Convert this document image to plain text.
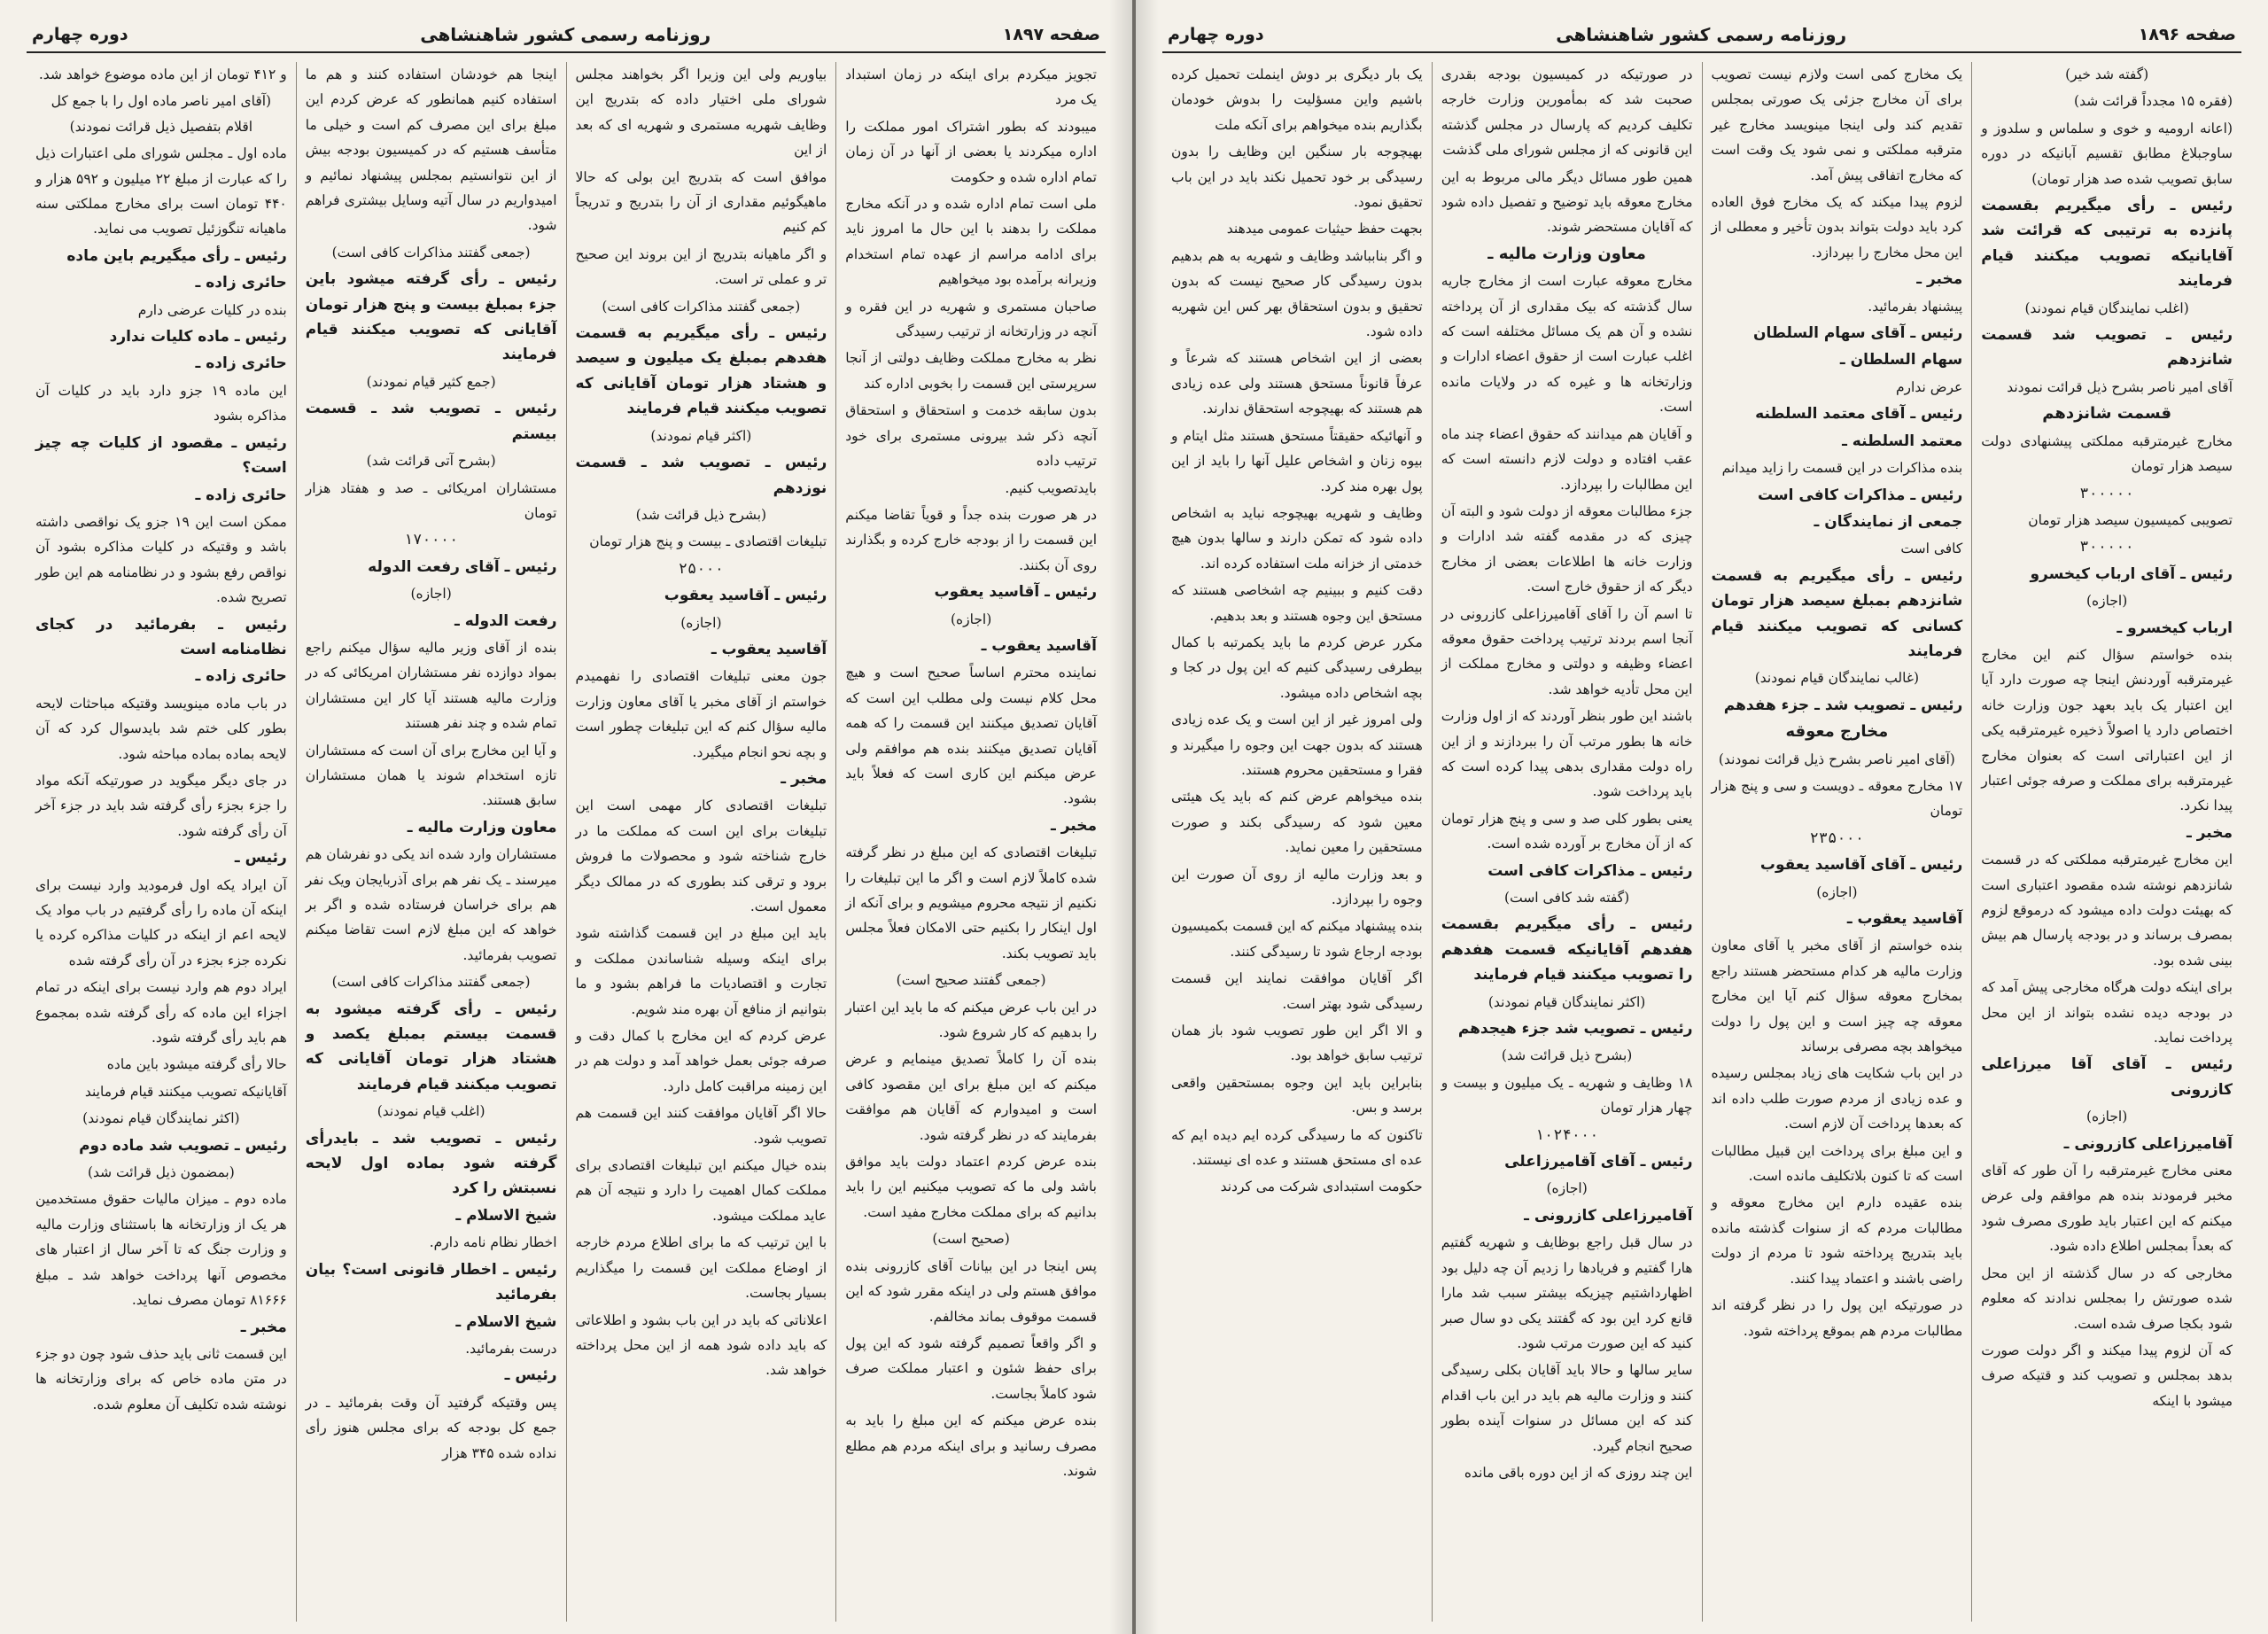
صفحه ۱۸۹۷
روزنامه رسمی کشور شاهنشاهی
دوره چهارم

تجویز میکردم برای اینکه در زمان استبداد یک مرد

میبودند که بطور اشتراک امور مملکت را اداره میکردند یا بعضی از آنها در آن زمان تمام اداره شده و حکومت

ملی است تمام اداره شده و در آنکه مخارج مملکت را بدهند با این حال ما امروز ناید برای ادامه مراسم از عهده تمام استخدام وزیرانه برآمده بود میخواهیم

صاحبان مستمری و شهریه در این فقره و آنچه در وزارتخانه از ترتیب رسیدگی

نظر به مخارج مملکت وظایف دولتی از آنجا سرپرستی این قسمت را بخوبی اداره کند

بدون سابقه خدمت و استحقاق و استحقاق آنچه ذکر شد بیرونی مستمری برای خود ترتیب داده

بایدتصویب کنیم.

در هر صورت بنده جداً و قویاً تقاضا میکنم این قسمت را از بودجه خارج کرده و بگذارند روی آن بکنند.

رئیس ـ آقاسید یعقوب

(اجازه)

آقاسید یعقوب ـ

نماینده محترم اساساً صحیح است و هیچ محل کلام نیست ولی مطلب این است که آقایان تصدیق میکنند این قسمت را که همه آقایان تصدیق میکنند بنده هم موافقم ولی عرض میکنم این کاری است که فعلاً باید بشود.

مخبر ـ

تبلیغات اقتصادی که این مبلغ در نظر گرفته شده کاملاً لازم است و اگر ما این تبلیغات را نکنیم از نتیجه محروم میشویم و برای آنکه از اول اینکار را بکنیم حتی الامکان فعلاً مجلس باید تصویب بکند.

(جمعی گفتند صحیح است)

در این باب عرض میکنم که ما باید این اعتبار را بدهیم که کار شروع شود.

بنده آن را کاملاً تصدیق مینمایم و عرض میکنم که این مبلغ برای این مقصود کافی است و امیدوارم که آقایان هم موافقت بفرمایند که در نظر گرفته شود.

بنده عرض کردم اعتماد دولت باید موافق باشد ولی ما که تصویب میکنیم این را باید بدانیم که برای مملکت مخارج مفید است.

(صحیح است)

پس اینجا در این بیانات آقای کازرونی بنده موافق هستم ولی در اینکه مقرر شود که این قسمت موقوف بماند مخالفم.

و اگر واقعاً تصمیم گرفته شود که این پول برای حفظ شئون و اعتبار مملکت صرف شود کاملاً بجاست.

بنده عرض میکنم که این مبلغ را باید به مصرف رسانید و برای اینکه مردم هم مطلع شوند.

بیاوریم ولی این وزیرا اگر بخواهند مجلس شورای ملی اختیار داده که بتدریج این وظایف شهریه مستمری و شهریه ای که بعد از این

موافق است که بتدریج این بولی که حالا ماهیگوئیم مقداری از آن را بتدریج و تدریجاً کم کنیم

و اگر ماهیانه بتدریج از این بروند این صحیح تر و عملی تر است.

(جمعی گفتند مذاکرات کافی است)

رئیس ـ رأی میگیریم به قسمت هفدهم بمبلغ یک میلیون و سیصد و هشتاد هزار تومان آقایانی که تصویب میکنند قیام فرمایند

(اکثر قیام نمودند)

رئیس ـ تصویب شد ـ قسمت نوزدهم

(بشرح ذیل قرائت شد)

تبلیغات اقتصادی ـ بیست و پنج هزار تومان

۲۵۰۰۰

رئیس ـ آقاسید یعقوب

(اجازه)

آقاسید یعقوب ـ

جون معنی تبلیغات اقتصادی را نفهمیدم خواستم از آقای مخبر یا آقای معاون وزارت مالیه سؤال کنم که این تبلیغات چطور است و بچه نحو انجام میگیرد.

مخبر ـ

تبلیغات اقتصادی کار مهمی است این تبلیغات برای این است که مملکت ما در خارج شناخته شود و محصولات ما فروش برود و ترقی کند بطوری که در ممالک دیگر معمول است.

باید این مبلغ در این قسمت گذاشته شود برای اینکه وسیله شناساندن مملکت و تجارت و اقتصادیات ما فراهم بشود و ما بتوانیم از منافع آن بهره مند شویم.

عرض کردم که این مخارج با کمال دقت و صرفه جوئی بعمل خواهد آمد و دولت هم در این زمینه مراقبت کامل دارد.

حالا اگر آقایان موافقت کنند این قسمت هم تصویب شود.

بنده خیال میکنم این تبلیغات اقتصادی برای مملکت کمال اهمیت را دارد و نتیجه آن هم عاید مملکت میشود.

با این ترتیب که ما برای اطلاع مردم خارجه از اوضاع مملکت این قسمت را میگذاریم بسیار بجاست.

اعلاناتی که باید در این باب بشود و اطلاعاتی که باید داده شود همه از این محل پرداخته خواهد شد.

اینجا هم خودشان استفاده کنند و هم ما استفاده کنیم همانطور که عرض کردم این مبلغ برای این مصرف کم است و خیلی ما متأسف هستیم که در کمیسیون بودجه بیش از این نتوانستیم بمجلس پیشنهاد نمائیم و امیدواریم در سال آتیه وسایل بیشتری فراهم شود.

(جمعی گفتند مذاکرات کافی است)

رئیس ـ رأی گرفته میشود باین جزء بمبلغ بیست و پنج هزار تومان آقایانی که تصویب میکنند قیام فرمایند

(جمع کثیر قیام نمودند)

رئیس ـ تصویب شد ـ قسمت بیستم

(بشرح آتی قرائت شد)

مستشاران امریکائی ـ صد و هفتاد هزار تومان

۱۷۰۰۰۰

رئیس ـ آقای رفعت الدوله

(اجازه)

رفعت الدوله ـ

بنده از آقای وزیر مالیه سؤال میکنم راجع بمواد دوازده نفر مستشاران امریکائی که در وزارت مالیه هستند آیا کار این مستشاران تمام شده و چند نفر هستند

و آیا این مخارج برای آن است که مستشاران تازه استخدام شوند یا همان مستشاران سابق هستند.

معاون وزارت مالیه ـ

مستشاران وارد شده اند یکی دو نفرشان هم میرسند ـ یک نفر هم برای آذربایجان ویک نفر هم برای خراسان فرستاده شده و اگر بر خواهد که این مبلغ لازم است تقاضا میکنم تصویب بفرمائید.

(جمعی گفتند مذاکرات کافی است)

رئیس ـ رأی گرفته میشود به قسمت بیستم بمبلغ یکصد و هشتاد هزار تومان آقایانی که تصویب میکنند قیام فرمایند

(اغلب قیام نمودند)

رئیس ـ تصویب شد ـ بایدرأی گرفته شود بماده اول لایحه نسبتش را کرد

شیخ الاسلام ـ

اخطار نظام نامه دارم.

رئیس ـ اخطار قانونی است؟ بیان بفرمائید

شیخ الاسلام ـ

درست بفرمائید.

رئیس ـ

پس وقتیکه گرفتید آن وقت بفرمائید ـ در جمع کل بودجه که برای مجلس هنوز رأی نداده شده ۳۴۵ هزار

و ۴۱۲ تومان از این ماده موضوع خواهد شد.

(آقای امیر ناصر ماده اول را با جمع کل اقلام بتفصیل ذیل قرائت نمودند)

ماده اول ـ مجلس شورای ملی اعتبارات ذیل را که عبارت از مبلغ ۲۲ میلیون و ۵۹۲ هزار و ۴۴۰ تومان است برای مخارج مملکتی سنه ماهیانه تنگوزئیل تصویب می نماید.

رئیس ـ رأی میگیریم باین ماده

حائری زاده ـ

بنده در کلیات عرضی دارم

رئیس ـ ماده کلیات ندارد

حائری زاده ـ

این ماده ۱۹ جزو دارد باید در کلیات آن مذاکره بشود

رئیس ـ مقصود از کلیات چه چیز است؟

حائری زاده ـ

ممکن است این ۱۹ جزو یک نواقصی داشته باشد و وقتیکه در کلیات مذاکره بشود آن نواقص رفع بشود و در نظامنامه هم این طور تصریح شده.

رئیس ـ بفرمائید در کجای نظامنامه است

حائری زاده ـ

در باب ماده مینویسد وقتیکه مباحثات لایحه بطور کلی ختم شد بایدسوال کرد که آن لایحه بماده بماده مباحثه شود.

در جای دیگر میگوید در صورتیکه آنکه مواد را جزء بجزء رأی گرفته شد باید در جزء آخر آن رأی گرفته شود.

رئیس ـ

آن ایراد یکه اول فرمودید وارد نیست برای اینکه آن ماده را رأی گرفتیم در باب مواد یک لایحه اعم از اینکه در کلیات مذاکره کرده یا نکرده جزء بجزء در آن رأی گرفته شده

ایراد دوم هم وارد نیست برای اینکه در تمام اجزاء این ماده که رأی گرفته شده بمجموع هم باید رأی گرفته شود.

حالا رأی گرفته میشود باین ماده

آقایانیکه تصویب میکنند قیام فرمایند

(اکثر نمایندگان قیام نمودند)

رئیس ـ تصویب شد ماده دوم

(بمضمون ذیل قرائت شد)

ماده دوم ـ میزان مالیات حقوق مستخدمین هر یک از وزارتخانه ها باستثنای وزارت مالیه و وزارت جنگ که تا آخر سال از اعتبار های مخصوص آنها پرداخت خواهد شد ـ مبلغ ۸۱۶۶۶ تومان مصرف نماید.

مخبر ـ

این قسمت ثانی باید حذف شود چون دو جزء در متن ماده خاص که برای وزارتخانه ها نوشته شده تکلیف آن معلوم شده.

صفحه ۱۸۹۶
روزنامه رسمی کشور شاهنشاهی
دوره چهارم

(گفته شد خیر)

(فقره ۱۵ مجدداً قرائت شد)

(اعانه اروميه و خوی و سلماس و سلدوز و ساوجبلاغ مطابق تقسیم آبانیکه در دوره سابق تصویب شده صد هزار تومان)

رئیس ـ رأی میگیریم بقسمت پانزده به ترتیبی که قرائت شد آقایانیکه تصویب میکنند قیام فرمایند

(اغلب نمایندگان قیام نمودند)

رئیس ـ تصویب شد قسمت شانزدهم

آقای امیر ناصر بشرح ذیل قرائت نمودند

قسمت شانزدهم

مخارج غیرمترقبه مملکتی پیشنهادی دولت سیصد هزار تومان

۳۰۰۰۰۰

تصویبی کمیسیون سیصد هزار تومان

۳۰۰۰۰۰

رئیس ـ آقای ارباب کیخسرو

(اجازه)

ارباب کیخسرو ـ

بنده خواستم سؤال کنم این مخارج غیرمترقبه آوردنش اینجا چه صورت دارد آیا این اعتبار یک باید بعهد جون وزارت خانه اختصاص دارد یا اصولاً ذخیره غیرمترقبه یکی از این اعتباراتی است که بعنوان مخارج غیرمترقبه برای مملکت و صرفه جوئی اعتبار پیدا نکرد.

مخبر ـ

این مخارج غیرمترقبه مملکتی که در قسمت شانزدهم نوشته شده مقصود اعتباری است که بهیئت دولت داده میشود که درموقع لزوم بمصرف برساند و در بودجه پارسال هم بیش بینی شده بود.

برای اینکه دولت هرگاه مخارجی پیش آمد که در بودجه دیده نشده بتواند از این محل پرداخت نماید.

رئیس ـ آقای آقا میرزاعلی کازرونی

(اجازه)

آقامیرزاعلی کازرونی ـ

معنی مخارج غیرمترقبه را آن طور که آقای مخبر فرمودند بنده هم موافقم ولی عرض میکنم که این اعتبار باید طوری مصرف شود که بعداً بمجلس اطلاع داده شود.

مخارجی که در سال گذشته از این محل شده صورتش را بمجلس ندادند که معلوم شود بکجا صرف شده است.

که آن لزوم پیدا میکند و اگر دولت صورت بدهد بمجلس و تصویب کند و قتیکه صرف میشود با اینکه

یک مخارج کمی است ولازم نیست تصویب برای آن مخارج جزئی یک صورتی بمجلس تقدیم کند ولی اینجا مینویسد مخارج غیر مترقبه مملکتی و نمی شود یک وقت است که مخارج اتفاقی پیش آمد.

لزوم پیدا میکند که یک مخارج فوق العاده کرد باید دولت بتواند بدون تأخیر و معطلی از این محل مخارج را بپردازد.

مخبر ـ

پیشنهاد بفرمائید.

رئیس ـ آقای سهام السلطان

سهام السلطان ـ

عرض ندارم

رئیس ـ آقای معتمد السلطنه

معتمد السلطنه ـ

بنده مذاکرات در این قسمت را زاید میدانم

رئیس ـ مذاکرات کافی است

جمعی از نمایندگان ـ

کافی است

رئیس ـ رأی میگیریم به قسمت شانزدهم بمبلغ سیصد هزار تومان کسانی که تصویب میکنند قیام فرمایند

(غالب نمایندگان قیام نمودند)

رئیس ـ تصویب شد ـ جزء هفدهم

مخارج معوقه

(آقای امیر ناصر بشرح ذیل قرائت نمودند)

۱۷ مخارج معوقه ـ دویست و سی و پنج هزار تومان

۲۳۵۰۰۰

رئیس ـ آقای آقاسید یعقوب

(اجازه)

آقاسید یعقوب ـ

بنده خواستم از آقای مخبر یا آقای معاون وزارت مالیه هر کدام مستحضر هستند راجع بمخارج معوقه سؤال کنم آیا این مخارج معوقه چه چیز است و این پول را دولت میخواهد بچه مصرفی برساند

در این باب شکایت های زیاد بمجلس رسیده و عده زیادی از مردم صورت طلب داده اند که بعدها پرداخت آن لازم است.

و این مبلغ برای پرداخت این قبیل مطالبات است که تا کنون بلاتکلیف مانده است.

بنده عقیده دارم این مخارج معوقه و مطالبات مردم که از سنوات گذشته مانده باید بتدریج پرداخته شود تا مردم از دولت راضی باشند و اعتماد پیدا کنند.

در صورتیکه این پول را در نظر گرفته اند مطالبات مردم هم بموقع پرداخته شود.

در صورتیکه در کمیسیون بودجه بقدری صحبت شد که بمأمورین وزارت خارجه تکلیف کردیم که پارسال در مجلس گذشته این قانونی که از مجلس شورای ملی گذشت

همین طور مسائل دیگر مالی مربوط به این مخارج معوقه باید توضیح و تفصیل داده شود که آقایان مستحضر شوند.

معاون وزارت مالیه ـ

مخارج معوقه عبارت است از مخارج جاریه سال گذشته که بیک مقداری از آن پرداخته نشده و آن هم یک مسائل مختلفه است که اغلب عبارت است از حقوق اعضاء ادارات و وزارتخانه ها و غیره که در ولایات مانده است.

و آقایان هم میدانند که حقوق اعضاء چند ماه عقب افتاده و دولت لازم دانسته است که این مطالبات را بپردازد.

جزء مطالبات معوقه از دولت شود و البته آن چیزی که در مقدمه گفته شد ادارات و وزارت خانه ها اطلاعات بعضی از مخارج دیگر که از حقوق خارج است.

تا اسم آن را آقای آقامیرزاعلی کازرونی در آنجا اسم بردند ترتیب پرداخت حقوق معوقه اعضاء وظیفه و دولتی و مخارج مملکت از این محل تأدیه خواهد شد.

باشند این طور بنظر آوردند که از اول وزارت خانه ها بطور مرتب آن را ببردازند و از این راه دولت مقداری بدهی پیدا کرده است که باید پرداخت شود.

یعنی بطور کلی صد و سی و پنج هزار تومان که از آن مخارج بر آورده شده است.

رئیس ـ مذاکرات کافی است

(گفته شد کافی است)

رئیس ـ رأی میگیریم بقسمت هفدهم آقایانیکه قسمت هفدهم را تصویب میکنند قیام فرمایند

(اکثر نمایندگان قیام نمودند)

رئیس ـ تصویب شد جزء هیجدهم

(بشرح ذیل قرائت شد)

۱۸ وظایف و شهریه ـ یک میلیون و بیست و چهار هزار تومان

۱۰۲۴۰۰۰

رئیس ـ آقای آقامیرزاعلی

(اجازه)

آقامیرزاعلی کازرونی ـ

در سال قبل راجع بوظایف و شهریه گفتیم هارا گفتیم و فریادها را زدیم آن چه دلیل بود اظهارداشتیم چیزیکه بیشتر سبب شد مارا قانع کرد این بود که گفتند یکی دو سال صبر کنید که این صورت مرتب شود.

سایر سالها و حالا باید آقایان بکلی رسیدگی کنند و وزارت مالیه هم باید در این باب اقدام کند که این مسائل در سنوات آینده بطور صحیح انجام گیرد.

این چند روزی که از این دوره باقی مانده

یک بار دیگری بر دوش اینملت تحمیل کرده باشیم واین مسؤلیت را بدوش خودمان بگذاریم بنده میخواهم برای آنکه ملت

بهیچوجه بار سنگین این وظایف را بدون رسیدگی بر خود تحمیل نکند باید در این باب تحقیق نمود.

بجهت حفظ حیثیات عمومی میدهند

و اگر بنابباشد وظایف و شهریه به هم بدهیم بدون رسیدگی کار صحیح نیست که بدون تحقیق و بدون استحقاق بهر کس این شهریه داده شود.

بعضی از این اشخاص هستند که شرعاً و عرفاً قانوناً مستحق هستند ولی عده زیادی هم هستند که بهیچوجه استحقاق ندارند.

و آنهائیکه حقیقتاً مستحق هستند مثل ایتام و بیوه زنان و اشخاص علیل آنها را باید از این پول بهره مند کرد.

وظایف و شهریه بهیچوجه نباید به اشخاص داده شود که تمکن دارند و سالها بدون هیچ خدمتی از خزانه ملت استفاده کرده اند.

دقت کنیم و ببینیم چه اشخاصی هستند که مستحق این وجوه هستند و بعد بدهیم.

مکرر عرض کردم ما باید یکمرتبه با کمال بیطرفی رسیدگی کنیم که این پول در کجا و بچه اشخاص داده میشود.

ولی امروز غیر از این است و یک عده زیادی هستند که بدون جهت این وجوه را میگیرند و فقرا و مستحقین محروم هستند.

بنده میخواهم عرض کنم که باید یک هیئتی معین شود که رسیدگی بکند و صورت مستحقین را معین نماید.

و بعد وزارت مالیه از روی آن صورت این وجوه را بپردازد.

بنده پیشنهاد میکنم که این قسمت بکمیسیون بودجه ارجاع شود تا رسیدگی کنند.

اگر آقایان موافقت نمایند این قسمت رسیدگی شود بهتر است.

و الا اگر این طور تصویب شود باز همان ترتیب سابق خواهد بود.

بنابراین باید این وجوه بمستحقین واقعی برسد و بس.

تاکنون که ما رسیدگی کرده ایم دیده ایم که عده ای مستحق هستند و عده ای نیستند.

حکومت استبدادی شرکت می کردند
